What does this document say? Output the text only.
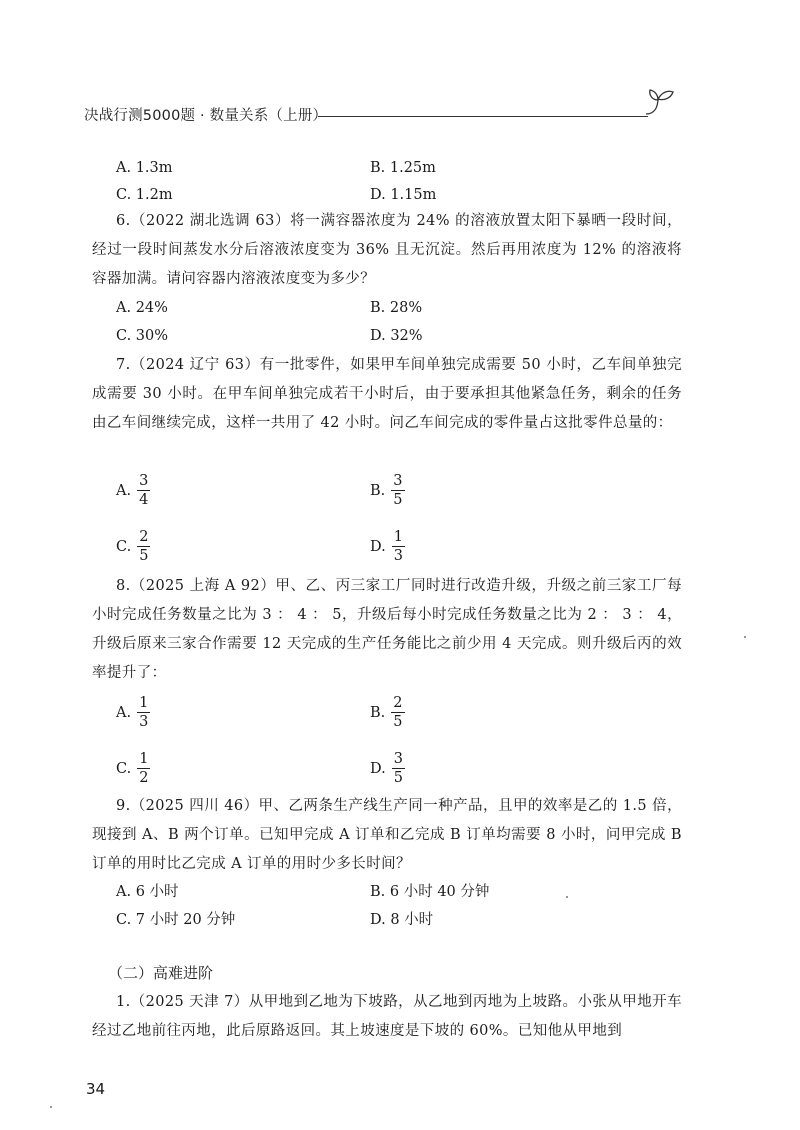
决战行测5000题 · 数量关系（上册）
A. 1.3m	B. 1.25m
C. 1.2m	D. 1.15m
6.（2022 湖北选调 63）将一满容器浓度为 24% 的溶液放置太阳下暴晒一段时间，经过一段时间蒸发水分后溶液浓度变为 36% 且无沉淀。然后再用浓度为 12% 的溶液将容器加满。请问容器内溶液浓度变为多少？
A. 24%	B. 28%
C. 30%	D. 32%
7.（2024 辽宁 63）有一批零件，如果甲车间单独完成需要 50 小时，乙车间单独完成需要 30 小时。在甲车间单独完成若干小时后，由于要承担其他紧急任务，剩余的任务由乙车间继续完成，这样一共用了 42 小时。问乙车间完成的零件量占这批零件总量的：
A. $\frac{3}{4}$	B. $\frac{3}{5}$
C. $\frac{2}{5}$	D. $\frac{1}{3}$
8.（2025 上海 A 92）甲、乙、丙三家工厂同时进行改造升级，升级之前三家工厂每小时完成任务数量之比为 3 ： 4 ： 5，升级后每小时完成任务数量之比为 2 ： 3 ： 4，升级后原来三家合作需要 12 天完成的生产任务能比之前少用 4 天完成。则升级后丙的效率提升了：
A. $\frac{1}{3}$	B. $\frac{2}{5}$
C. $\frac{1}{2}$	D. $\frac{3}{5}$
9.（2025 四川 46）甲、乙两条生产线生产同一种产品，且甲的效率是乙的 1.5 倍，现接到 A、B 两个订单。已知甲完成 A 订单和乙完成 B 订单均需要 8 小时，问甲完成 B 订单的用时比乙完成 A 订单的用时少多长时间？
A. 6 小时	B. 6 小时 40 分钟
C. 7 小时 20 分钟	D. 8 小时
（二）高难进阶
1.（2025 天津 7）从甲地到乙地为下坡路，从乙地到丙地为上坡路。小张从甲地开车经过乙地前往丙地，此后原路返回。其上坡速度是下坡的 60%。已知他从甲地到
34
